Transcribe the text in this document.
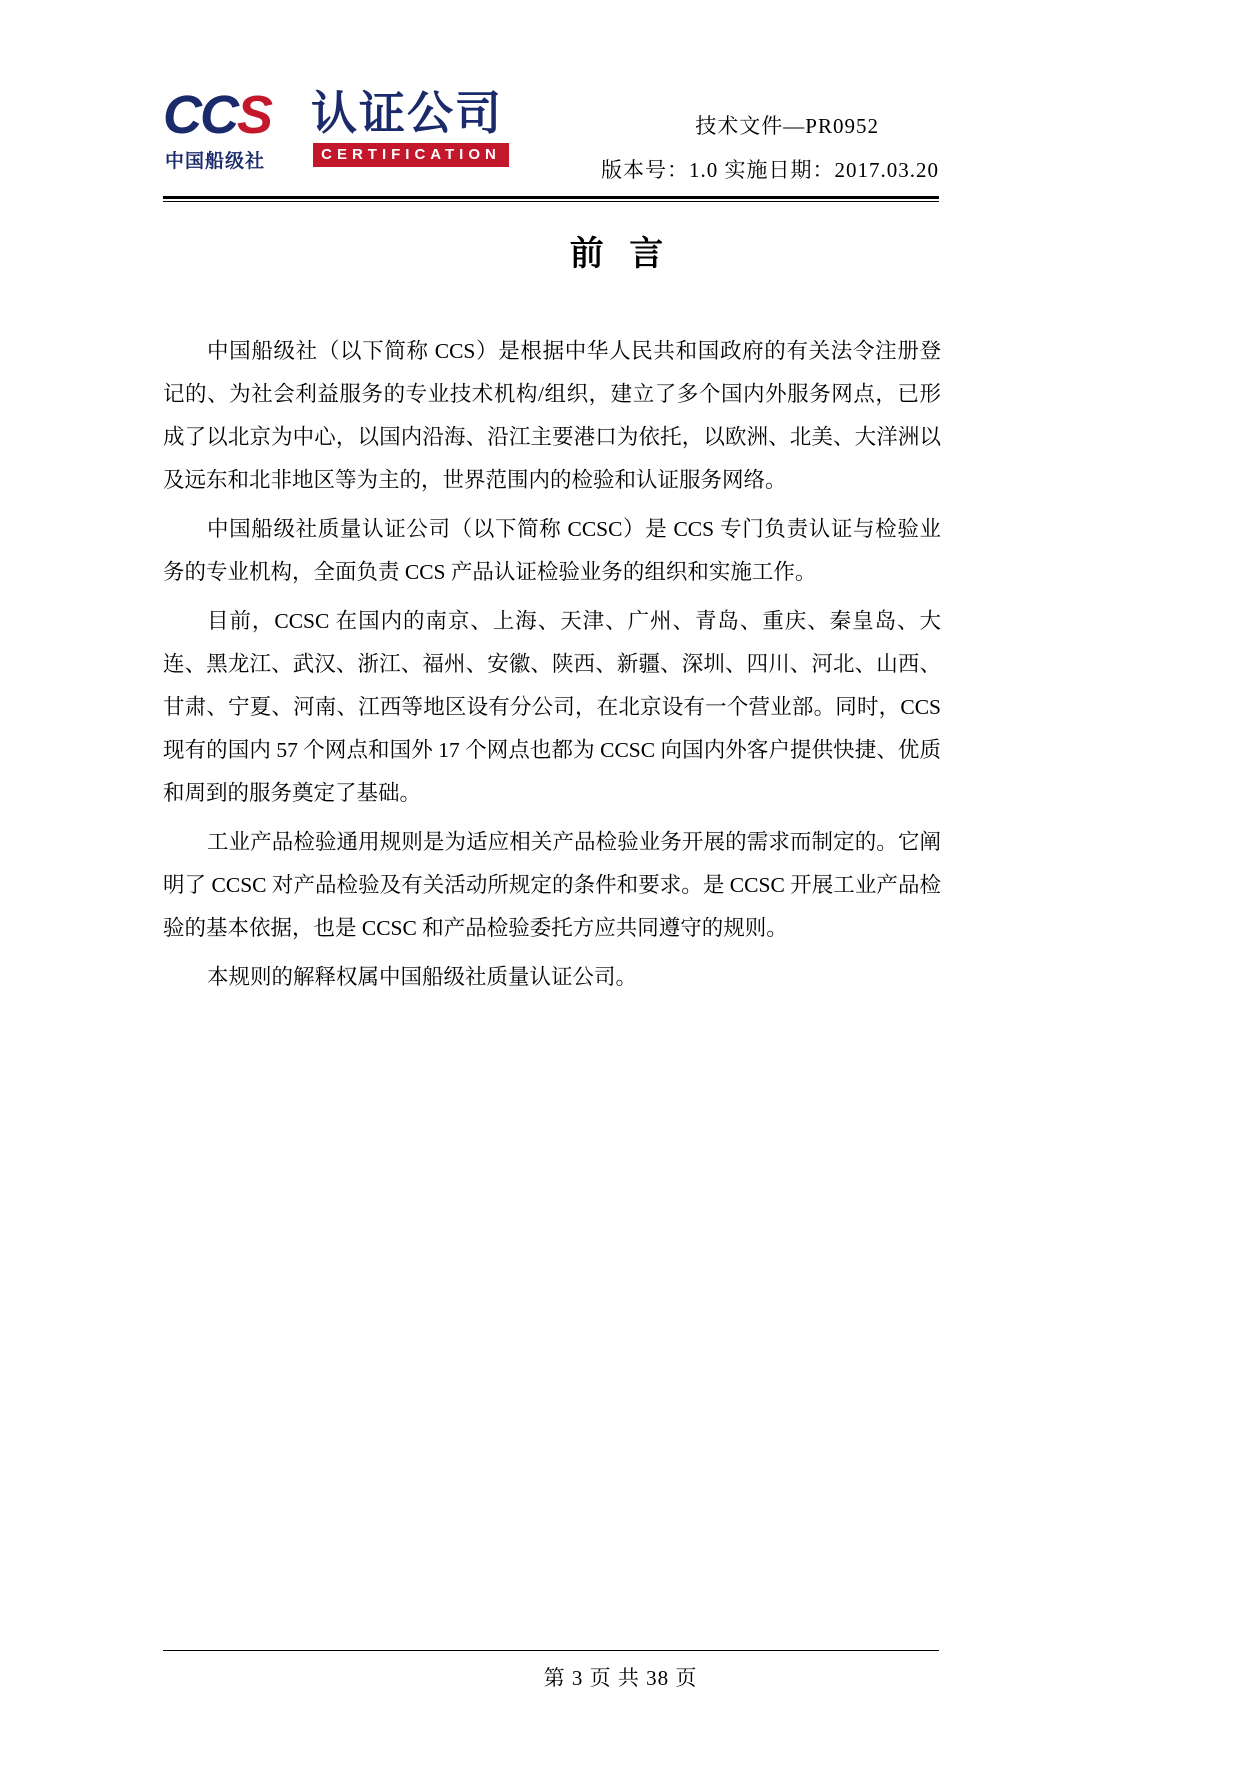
CCS
中国船级社
认证公司
CERTIFICATION
技术文件—PR0952
版本号：1.0 实施日期：2017.03.20
前 言

中国船级社（以下简称 CCS）是根据中华人民共和国政府的有关法令注册登记的、为社会利益服务的专业技术机构/组织，建立了多个国内外服务网点，已形成了以北京为中心，以国内沿海、沿江主要港口为依托，以欧洲、北美、大洋洲以及远东和北非地区等为主的，世界范围内的检验和认证服务网络。

中国船级社质量认证公司（以下简称 CCSC）是 CCS 专门负责认证与检验业务的专业机构，全面负责 CCS 产品认证检验业务的组织和实施工作。

目前，CCSC 在国内的南京、上海、天津、广州、青岛、重庆、秦皇岛、大连、黑龙江、武汉、浙江、福州、安徽、陕西、新疆、深圳、四川、河北、山西、甘肃、宁夏、河南、江西等地区设有分公司，在北京设有一个营业部。同时，CCS 现有的国内 57 个网点和国外 17 个网点也都为 CCSC 向国内外客户提供快捷、优质和周到的服务奠定了基础。

工业产品检验通用规则是为适应相关产品检验业务开展的需求而制定的。它阐明了 CCSC 对产品检验及有关活动所规定的条件和要求。是 CCSC 开展工业产品检验的基本依据，也是 CCSC 和产品检验委托方应共同遵守的规则。

本规则的解释权属中国船级社质量认证公司。

第 3 页 共 38 页
